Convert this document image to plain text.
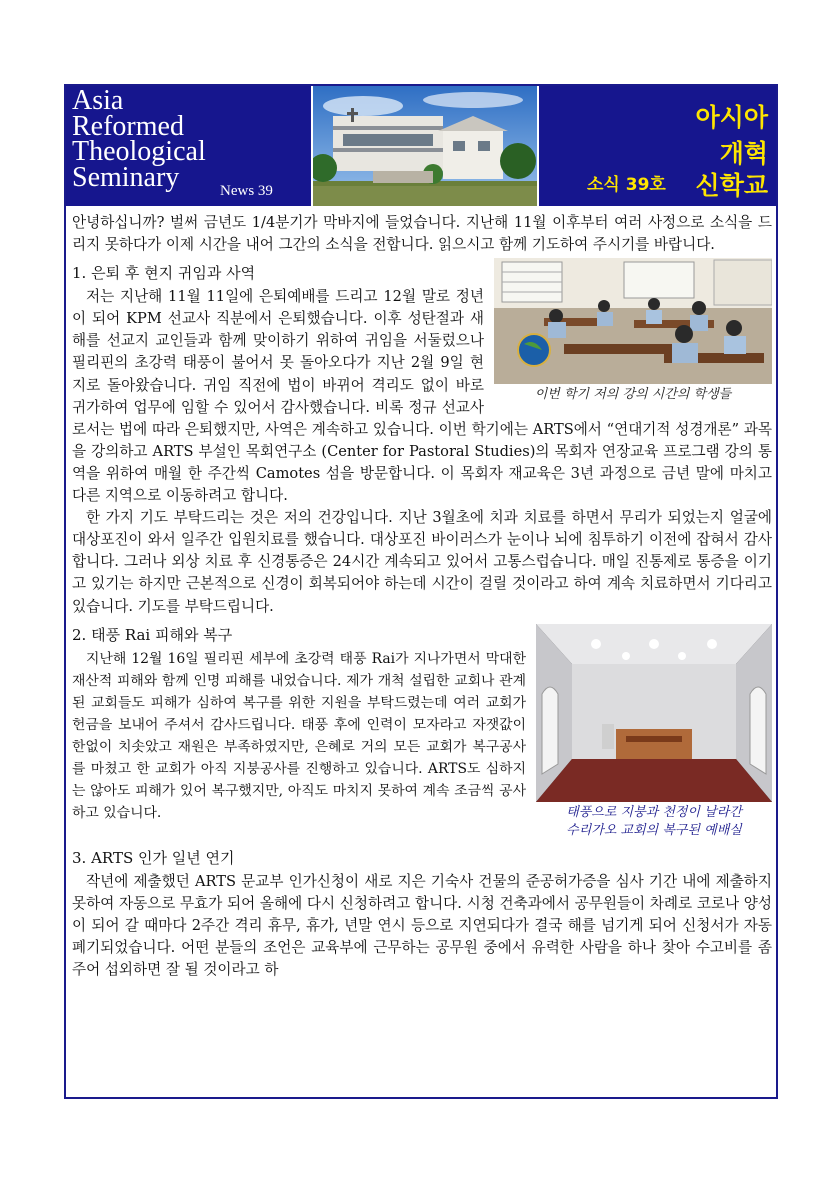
Asia
Reformed
Theological
Seminary	News 39
아시아
개혁
신학교
소식 39호

안녕하십니까? 벌써 금년도 1/4분기가 막바지에 들었습니다. 지난해 11월 이후부터 여러 사정으로 소식을 드리지 못하다가 이제 시간을 내어 그간의 소식을 전합니다. 읽으시고 함께 기도하여 주시기를 바랍니다.

이번 학기 저의 강의 시간의 학생들
1. 은퇴 후 현지 귀임과 사역

저는 지난해 11월 11일에 은퇴예배를 드리고 12월 말로 정년이 되어 KPM 선교사 직분에서 은퇴했습니다. 이후 성탄절과 새해를 선교지 교인들과 함께 맞이하기 위하여 귀임을 서둘렀으나 필리핀의 초강력 태풍이 불어서 못 돌아오다가 지난 2월 9일 현지로 돌아왔습니다. 귀임 직전에 법이 바뀌어 격리도 없이 바로 귀가하여 업무에 임할 수 있어서 감사했습니다. 비록 정규 선교사로서는 법에 따라 은퇴했지만, 사역은 계속하고 있습니다. 이번 학기에는 ARTS에서 “연대기적 성경개론” 과목을 강의하고 ARTS 부설인 목회연구소 (Center for Pastoral Studies)의 목회자 연장교육 프로그램 강의 통역을 위하여 매월 한 주간씩 Camotes 섬을 방문합니다. 이 목회자 재교육은 3년 과정으로 금년 말에 마치고 다른 지역으로 이동하려고 합니다.

한 가지 기도 부탁드리는 것은 저의 건강입니다. 지난 3월초에 치과 치료를 하면서 무리가 되었는지 얼굴에 대상포진이 와서 일주간 입원치료를 했습니다. 대상포진 바이러스가 눈이나 뇌에 침투하기 이전에 잡혀서 감사합니다. 그러나 외상 치료 후 신경통증은 24시간 계속되고 있어서 고통스럽습니다. 매일 진통제로 통증을 이기고 있기는 하지만 근본적으로 신경이 회복되어야 하는데 시간이 걸릴 것이라고 하여 계속 치료하면서 기다리고 있습니다. 기도를 부탁드립니다.

태풍으로 지붕과 천정이 날라간
수리가오 교회의 복구된 예배실
2. 태풍 Rai 피해와 복구

지난해 12월 16일 필리핀 세부에 초강력 태풍 Rai가 지나가면서 막대한 재산적 피해와 함께 인명 피해를 내었습니다. 제가 개척 설립한 교회나 관계된 교회들도 피해가 심하여 복구를 위한 지원을 부탁드렸는데 여러 교회가 헌금을 보내어 주셔서 감사드립니다. 태풍 후에 인력이 모자라고 자잿값이 한없이 치솟았고 재원은 부족하였지만, 은혜로 거의 모든 교회가 복구공사를 마쳤고 한 교회가 아직 지붕공사를 진행하고 있습니다. ARTS도 심하지는 않아도 피해가 있어 복구했지만, 아직도 마치지 못하여 계속 조금씩 공사하고 있습니다.

3. ARTS 인가 일년 연기

작년에 제출했던 ARTS 문교부 인가신청이 새로 지은 기숙사 건물의 준공허가증을 심사 기간 내에 제출하지 못하여 자동으로 무효가 되어 올해에 다시 신청하려고 합니다. 시청 건축과에서 공무원들이 차례로 코로나 양성이 되어 갈 때마다 2주간 격리 휴무, 휴가, 년말 연시 등으로 지연되다가 결국 해를 넘기게 되어 신청서가 자동 폐기되었습니다. 어떤 분들의 조언은 교육부에 근무하는 공무원 중에서 유력한 사람을 하나 찾아 수고비를 좀 주어 섭외하면 잘 될 것이라고 하
